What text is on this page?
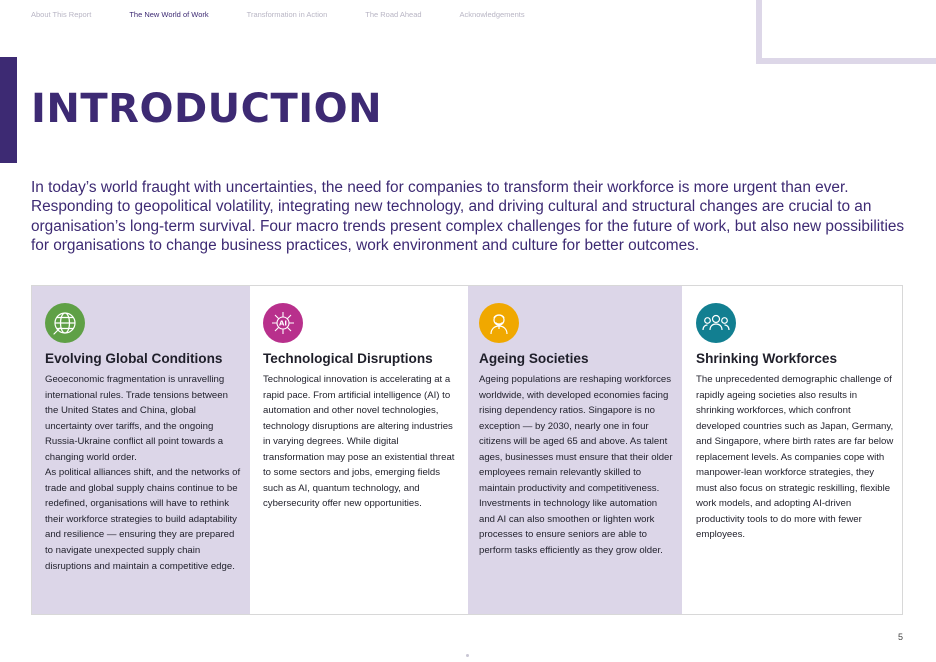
About This Report	The New World of Work	Transformation in Action	The Road Ahead	Acknowledgements
INTRODUCTION

In today’s world fraught with uncertainties, the need for companies to transform their workforce is more urgent than ever. Responding to geopolitical volatility, integrating new technology, and driving cultural and structural changes are crucial to an organisation’s long-term survival. Four macro trends present complex challenges for the future of work, but also new possibilities for organisations to change business practices, work environment and culture for better outcomes.

Evolving Global Conditions

Geoeconomic fragmentation is unravelling international rules. Trade tensions between the United States and China, global uncertainty over tariffs, and the ongoing Russia-Ukraine conflict all point towards a changing world order.

As political alliances shift, and the networks of trade and global supply chains continue to be redefined, organisations will have to rethink their workforce strategies to build adaptability and resilience — ensuring they are prepared to navigate unexpected supply chain disruptions and maintain a competitive edge.

AI
Technological Disruptions

Technological innovation is accelerating at a rapid pace. From artificial intelligence (AI) to automation and other novel technologies, technology disruptions are altering industries in varying degrees. While digital transformation may pose an existential threat to some sectors and jobs, emerging fields such as AI, quantum technology, and cybersecurity offer new opportunities.

Ageing Societies

Ageing populations are reshaping workforces worldwide, with developed economies facing rising dependency ratios. Singapore is no exception — by 2030, nearly one in four citizens will be aged 65 and above. As talent ages, businesses must ensure that their older employees remain relevantly skilled to maintain productivity and competitiveness. Investments in technology like automation and AI can also smoothen or lighten work processes to ensure seniors are able to perform tasks efficiently as they grow older.

Shrinking Workforces

The unprecedented demographic challenge of rapidly ageing societies also results in shrinking workforces, which confront developed countries such as Japan, Germany, and Singapore, where birth rates are far below replacement levels. As companies cope with manpower-lean workforce strategies, they must also focus on strategic reskilling, flexible work models, and adopting AI-driven productivity tools to do more with fewer employees.

5
